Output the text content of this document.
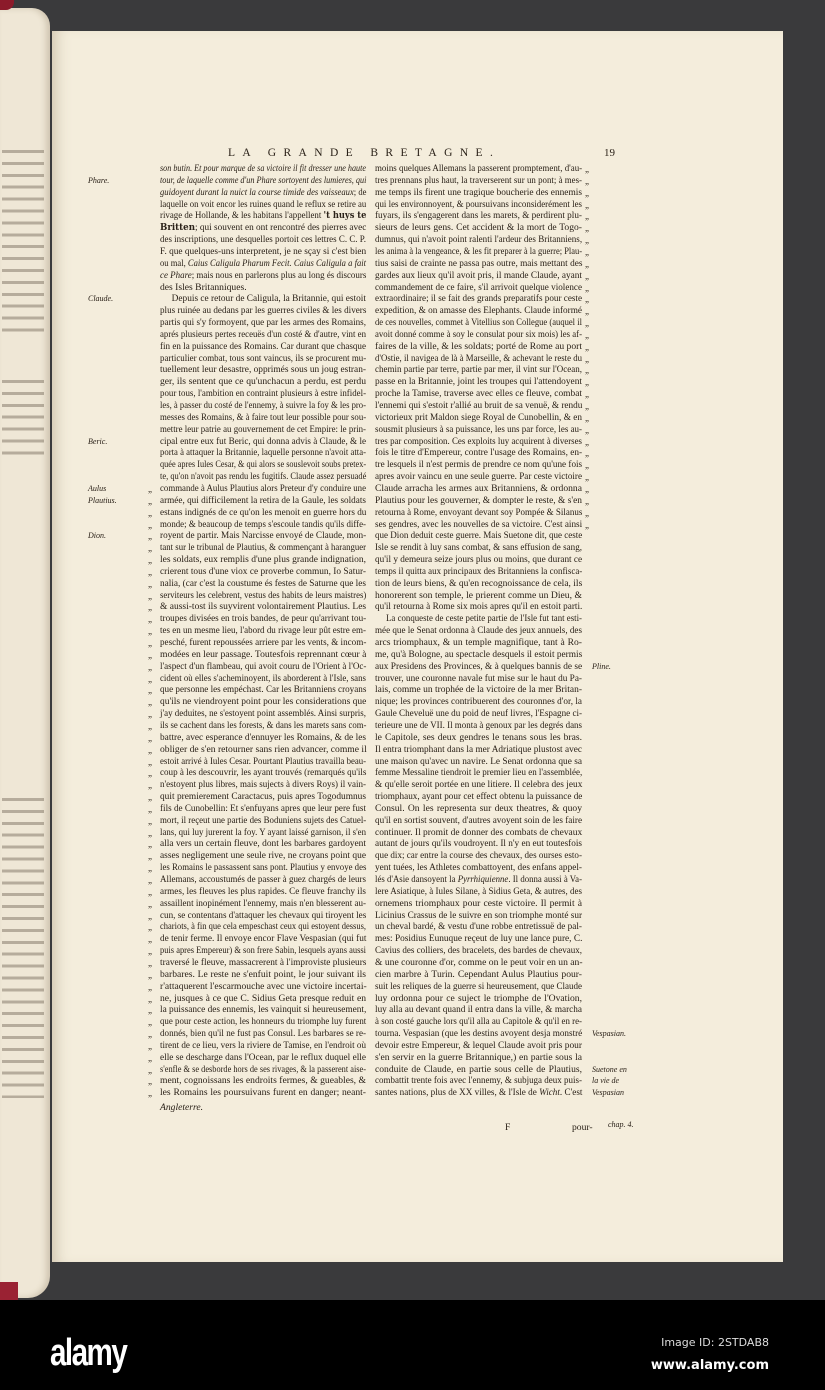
LA GRANDE BRETAGNE.	19
son butin. Et pour marque de sa victoire il fit dresser une haute
tour, de laquelle comme d'un Phare sortoyent des lumieres, qui
guidoyent durant la nuict la course timide des vaisseaux; de
laquelle on voit encor les ruines quand le reflux se retire au
rivage de Hollande, & les habitans l'appellent 't huys te
Britten; qui souvent en ont rencontré des pierres avec
des inscriptions, une desquelles portoit ces lettres C. C. P.
F. que quelques-uns interpretent, je ne sçay si c'est bien
ou mal, Caius Caligula Pharum Fecit. Caius Caligula a fait
ce Phare; mais nous en parlerons plus au long és discours
des Isles Britanniques.
Depuis ce retour de Caligula, la Britannie, qui estoit
plus ruinée au dedans par les guerres civiles & les divers
partis qui s'y formoyent, que par les armes des Romains,
aprés plusieurs pertes receuës d'un costé & d'autre, vint en
fin en la puissance des Romains. Car durant que chasque
particulier combat, tous sont vaincus, ils se procurent mu-
tuellement leur desastre, opprimés sous un joug estran-
ger, ils sentent que ce qu'unchacun a perdu, est perdu
pour tous, l'ambition en contraint plusieurs à estre infidel-
les, à passer du costé de l'ennemy, à suivre la foy & les pro-
messes des Romains, & à faire tout leur possible pour sou-
mettre leur patrie au gouvernement de cet Empire: le prin-
cipal entre eux fut Beric, qui donna advis à Claude, & le
porta à attaquer la Britannie, laquelle personne n'avoit atta-
quée apres Iules Cesar, & qui alors se souslevoit soubs pretex-
te, qu'on n'avoit pas rendu les fugitifs. Claude assez persuadé
commande à Aulus Plautius alors Preteur d'y conduire une
„
armée, qui difficilement la retira de la Gaule, les soldats
„
estans indignés de ce qu'on les menoit en guerre hors du
„
monde; & beaucoup de temps s'escoule tandis qu'ils diffe-
„
royent de partir. Mais Narcisse envoyé de Claude, mon-
„
tant sur le tribunal de Plautius, & commençant à haranguer
„
les soldats, eux remplis d'une plus grande indignation,
„
crierent tous d'une viox ce proverbe commun, Io Satur-
„
nalia, (car c'est la coustume és festes de Saturne que les
„
serviteurs les celebrent, vestus des habits de leurs maistres)
„
& aussi-tost ils suyvirent volontairement Plautius. Les
„
troupes divisées en trois bandes, de peur qu'arrivant tou-
„
tes en un mesme lieu, l'abord du rivage leur pût estre em-
„
pesché, furent repoussées arriere par les vents, & incom-
„
modées en leur passage. Toutesfois reprennant cœur à
„
l'aspect d'un flambeau, qui avoit couru de l'Orient à l'Oc-
„
cident où elles s'acheminoyent, ils aborderent à l'Isle, sans
„
que personne les empéchast. Car les Britanniens croyans
„
qu'ils ne viendroyent point pour les considerations que
„
j'ay deduites, ne s'estoyent point assemblés. Ainsi surpris,
„
ils se cachent dans les forests, & dans les marets sans com-
„
battre, avec esperance d'ennuyer les Romains, & de les
„
obliger de s'en retourner sans rien advancer, comme il
„
estoit arrivé à Iules Cesar. Pourtant Plautius travailla beau-
„
coup à les descouvrir, les ayant trouvés (remarqués qu'ils
„
n'estoyent plus libres, mais sujects à divers Roys) il vain-
„
quit premierement Caractacus, puis apres Togodumnus
„
fils de Cunobellin: Et s'enfuyans apres que leur pere fust
„
mort, il reçeut une partie des Boduniens sujets des Catuel-
„
lans, qui luy jurerent la foy. Y ayant laissé garnison, il s'en
„
alla vers un certain fleuve, dont les barbares gardoyent
„
asses negligement une seule rive, ne croyans point que
„
les Romains le passassent sans pont. Plautius y envoye des
„
Allemans, accoustumés de passer à guez chargés de leurs
„
armes, les fleuves les plus rapides. Ce fleuve franchy ils
„
assaillent inopinément l'ennemy, mais n'en blesserent au-
„
cun, se contentans d'attaquer les chevaux qui tiroyent les
„
chariots, à fin que cela empeschast ceux qui estoyent dessus,
„
de tenir ferme. Il envoye encor Flave Vespasian (qui fut
„
puis apres Empereur) & son frere Sabin, lesquels ayans aussi
„
traversé le fleuve, massacrerent à l'improviste plusieurs
„
barbares. Le reste ne s'enfuit point, le jour suivant ils
„
r'attaquerent l'escarmouche avec une victoire incertai-
„
ne, jusques à ce que C. Sidius Geta presque reduit en
„
la puissance des ennemis, les vainquit si heureusement,
„
que pour ceste action, les honneurs du triomphe luy furent
„
donnés, bien qu'il ne fust pas Consul. Les barbares se re-
„
tirent de ce lieu, vers la riviere de Tamise, en l'endroit où
„
elle se descharge dans l'Ocean, par le reflux duquel elle
„
s'enfle & se desborde hors de ses rivages, & la passerent aise-
„
ment, cognoissans les endroits fermes, & gueables, &
„
les Romains les poursuivans furent en danger; neant-
„
Phare.
Claude.
Beric.
Aulus
Plautius.
Dion.
moins quelques Allemans la passerent promptement, d'au- „
tres prennans plus haut, la traverserent sur un pont; à mes- „
me temps ils firent une tragique boucherie des ennemis „
qui les environnoyent, & poursuivans inconsiderément les „
fuyars, ils s'engagerent dans les marets, & perdirent plu- „
sieurs de leurs gens. Cet accident & la mort de Togo- „
dumnus, qui n'avoit point ralenti l'ardeur des Britanniens, „
les anima à la vengeance, & les fit preparer à la guerre; Plau- „
tius saisi de crainte ne passa pas outre, mais mettant des „
gardes aux lieux qu'il avoit pris, il mande Claude, ayant „
commandement de ce faire, s'il arrivoit quelque violence „
extraordinaire; il se fait des grands preparatifs pour ceste „
expedition, & on amasse des Elephants. Claude informé „
de ces nouvelles, commet à Vitellius son Collegue (auquel il „
avoit donné comme à soy le consulat pour six mois) les af- „
faires de la ville, & les soldats; porté de Rome au port „
d'Ostie, il navigea de là à Marseille, & achevant le reste du „
chemin partie par terre, partie par mer, il vint sur l'Ocean, „
passe en la Britannie, joint les troupes qui l'attendoyent „
proche la Tamise, traverse avec elles ce fleuve, combat „
l'ennemi qui s'estoit r'allié au bruit de sa venuë, & rendu „
victorieux prit Maldon siege Royal de Cunobellin, & en „
sousmit plusieurs à sa puissance, les uns par force, les au- „
tres par composition. Ces exploits luy acquirent à diverses „
fois le titre d'Empereur, contre l'usage des Romains, en- „
tre lesquels il n'est permis de prendre ce nom qu'une fois „
apres avoir vaincu en une seule guerre. Par ceste victoire „
Claude arracha les armes aux Britanniens, & ordonna „
Plautius pour les gouverner, & dompter le reste, & s'en „
retourna à Rome, envoyant devant soy Pompée & Silanus „
ses gendres, avec les nouvelles de sa victoire. C'est ainsi „
que Dion deduit ceste guerre. Mais Suetone dit, que ceste
Isle se rendit à luy sans combat, & sans effusion de sang,
qu'il y demeura seize jours plus ou moins, que durant ce
temps il quitta aux principaux des Britanniens la confisca-
tion de leurs biens, & qu'en recognoissance de cela, ils
honorerent son temple, le prierent comme un Dieu, &
qu'il retourna à Rome six mois apres qu'il en estoit parti.
La conqueste de ceste petite partie de l'Isle fut tant esti-
mée que le Senat ordonna à Claude des jeux annuels, des
arcs triomphaux, & un temple magnifique, tant à Ro-
me, qu'à Bologne, au spectacle desquels il estoit permis
aux Presidens des Provinces, & à quelques bannis de se
trouver, une couronne navale fut mise sur le haut du Pa-
lais, comme un trophée de la victoire de la mer Britan-
nique; les provinces contribuerent des couronnes d'or, la
Gaule Cheveluë une du poid de neuf livres, l'Espagne ci-
terieure une de VII. Il monta à genoux par les degrés dans
le Capitole, ses deux gendres le tenans sous les bras.
Il entra triomphant dans la mer Adriatique plustost avec
une maison qu'avec un navire. Le Senat ordonna que sa
femme Messaline tiendroit le premier lieu en l'assemblée,
& qu'elle seroit portée en une litiere. Il celebra des jeux
triomphaux, ayant pour cet effect obtenu la puissance de
Consul. On les representa sur deux theatres, & quoy
qu'il en sortist souvent, d'autres avoyent soin de les faire
continuer. Il promit de donner des combats de chevaux
autant de jours qu'ils voudroyent. Il n'y en eut toutesfois
que dix; car entre la course des chevaux, des ourses esto-
yent tuées, les Athletes combattoyent, des enfans appel-
lés d'Asie dansoyent la Pyrrhiquienne. Il donna aussi à Va-
lere Asiatique, à Iules Silane, à Sidius Geta, & autres, des
ornemens triomphaux pour ceste victoire. Il permit à
Licinius Crassus de le suivre en son triomphe monté sur
un cheval bardé, & vestu d'une robbe entretissuë de pal-
mes: Posidius Eunuque reçeut de luy une lance pure, C.
Cavius des colliers, des bracelets, des bardes de chevaux,
& une couronne d'or, comme on le peut voir en un an-
cien marbre à Turin. Cependant Aulus Plautius pour-
suit les reliques de la guerre si heureusement, que Claude
luy ordonna pour ce suject le triomphe de l'Ovation,
luy alla au devant quand il entra dans la ville, & marcha
à son costé gauche lors qu'il alla au Capitole & qu'il en re-
tourna. Vespasian (que les destins avoyent desja monstré
devoir estre Empereur, & lequel Claude avoit pris pour
s'en servir en la guerre Britannique,) en partie sous la
conduite de Claude, en partie sous celle de Plautius,
combattit trente fois avec l'ennemy, & subjuga deux puis-
santes nations, plus de XX villes, & l'Isle de Wicht. C'est
Pline.
Vespasian.
Suetone en
la vie de
Vespasian
Angleterre.
F	pour- chap. 4.
alamy	Image ID: 2STDAB8
www.alamy.com
